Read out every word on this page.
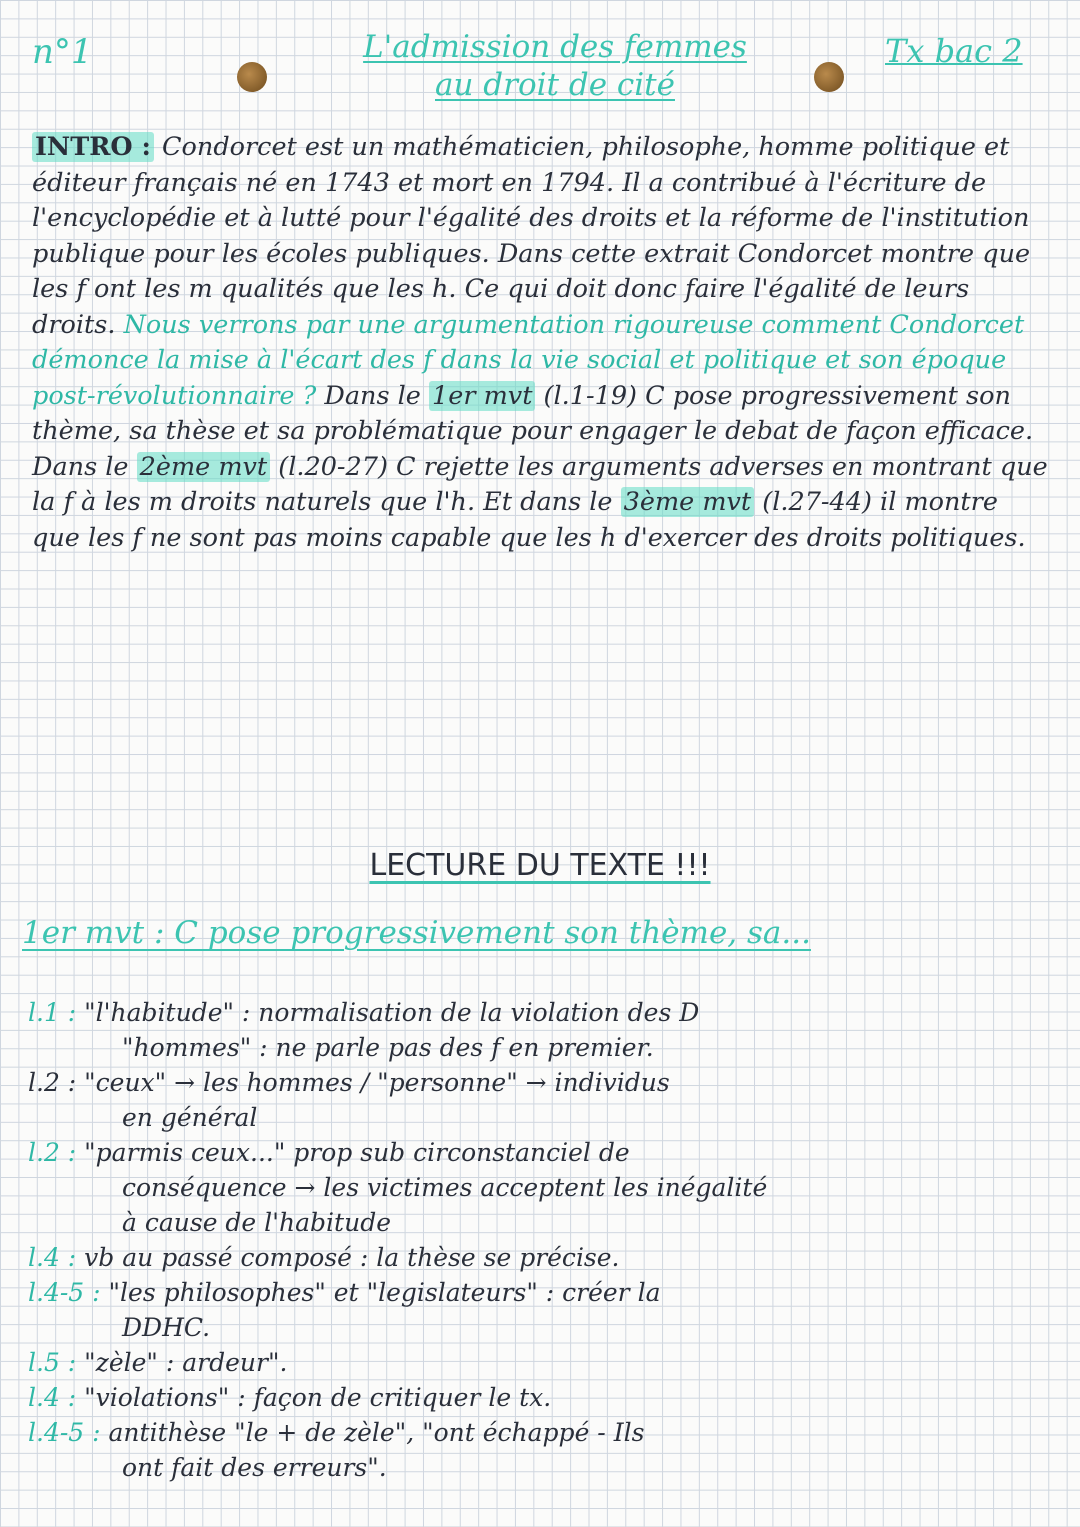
n°1	L'admission des femmes
au droit de cité
Tx bac 2
INTRO : Condorcet est un mathématicien, philosophe, homme politique et éditeur français né en 1743 et mort en 1794. Il a contribué à l'écriture de l'encyclopédie et à lutté pour l'égalité des droits et la réforme de l'institution publique pour les écoles publiques. Dans cette extrait Condorcet montre que les f ont les m qualités que les h. Ce qui doit donc faire l'égalité de leurs droits. Nous verrons par une argumentation rigoureuse comment Condorcet démonce la mise à l'écart des f dans la vie social et politique et son époque post-révolutionnaire ? Dans le 1er mvt (l.1-19) C pose progressivement son thème, sa thèse et sa problématique pour engager le debat de façon efficace. Dans le 2ème mvt (l.20-27) C rejette les arguments adverses en montrant que la f à les m droits naturels que l'h. Et dans le 3ème mvt (l.27-44) il montre que les f ne sont pas moins capable que les h d'exercer des droits politiques.
LECTURE DU TEXTE !!!
1er mvt : C pose progressivement son thème, sa...
l.1 : "l'habitude" : normalisation de la violation des D
"hommes" : ne parle pas des f en premier.
l.2 : "ceux" → les hommes / "personne" → individus
en général
l.2 : "parmis ceux..." prop sub circonstanciel de
conséquence → les victimes acceptent les inégalité
à cause de l'habitude
l.4 : vb au passé composé : la thèse se précise.
l.4-5 : "les philosophes" et "legislateurs" : créer la
DDHC.
l.5 : "zèle" : ardeur".
l.4 : "violations" : façon de critiquer le tx.
l.4-5 : antithèse "le + de zèle", "ont échappé - Ils
ont fait des erreurs".
